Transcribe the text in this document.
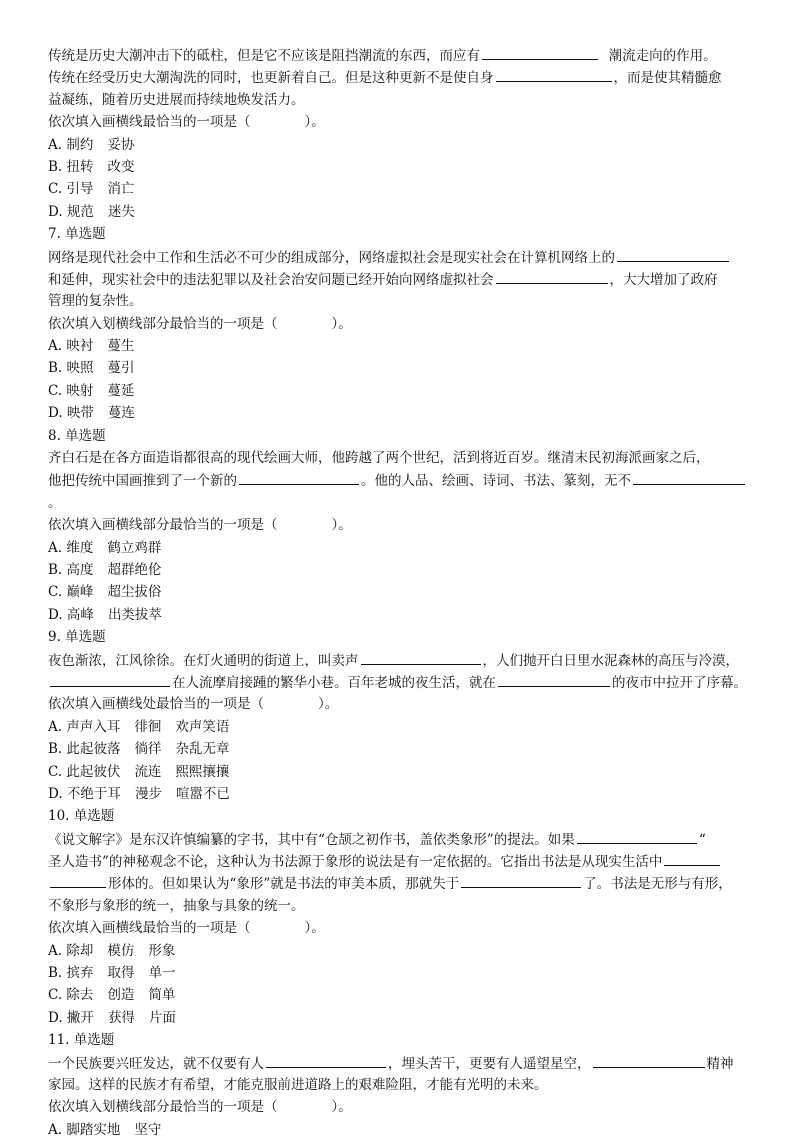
传统是历史大潮冲击下的砥柱，但是它不应该是阻挡潮流的东西，而应有	潮流走向的作用。
传统在经受历史大潮淘洗的同时，也更新着自己。但是这种更新不是使自身	，而是使其精髓愈
益凝练，随着历史进展而持续地焕发活力。
依次填入画横线最恰当的一项是（　　　　）。
A. 制约 妥协
B. 扭转 改变
C. 引导 消亡
D. 规范 迷失
7. 单选题
网络是现代社会中工作和生活必不可少的组成部分，网络虚拟社会是现实社会在计算机网络上的
和延伸，现实社会中的违法犯罪以及社会治安问题已经开始向网络虚拟社会	，大大增加了政府
管理的复杂性。
依次填入划横线部分最恰当的一项是（　　　　）。
A. 映衬 蔓生
B. 映照 蔓引
C. 映射 蔓延
D. 映带 蔓连
8. 单选题
齐白石是在各方面造诣都很高的现代绘画大师，他跨越了两个世纪，活到将近百岁。继清末民初海派画家之后，
他把传统中国画推到了一个新的	。他的人品、绘画、诗词、书法、篆刻，无不
。
依次填入画横线部分最恰当的一项是（　　　　）。
A. 维度 鹤立鸡群
B. 高度 超群绝伦
C. 巅峰 超尘拔俗
D. 高峰 出类拔萃
9. 单选题
夜色渐浓，江风徐徐。在灯火通明的街道上，叫卖声	，人们抛开白日里水泥森林的高压与冷漠，
在人流摩肩接踵的繁华小巷。百年老城的夜生活，就在	的夜市中拉开了序幕。
依次填入画横线处最恰当的一项是（　　　　）。
A. 声声入耳 徘徊 欢声笑语
B. 此起彼落 徜徉 杂乱无章
C. 此起彼伏 流连 熙熙攘攘
D. 不绝于耳 漫步 喧嚣不已
10. 单选题
《说文解字》是东汉许慎编纂的字书，其中有“仓颉之初作书，盖依类象形”的提法。如果	“
圣人造书”的神秘观念不论，这种认为书法源于象形的说法是有一定依据的。它指出书法是从现实生活中
形体的。但如果认为“象形”就是书法的审美本质，那就失于	了。书法是无形与有形，
不象形与象形的统一，抽象与具象的统一。
依次填入画横线最恰当的一项是（　　　　）。
A. 除却 模仿 形象
B. 摈弃 取得 单一
C. 除去 创造 简单
D. 撇开 获得 片面
11. 单选题
一个民族要兴旺发达，就不仅要有人	，埋头苦干，更要有人遥望星空，	精神
家园。这样的民族才有希望，才能克服前进道路上的艰难险阻，才能有光明的未来。
依次填入划横线部分最恰当的一项是（　　　　）。
A. 脚踏实地 坚守
